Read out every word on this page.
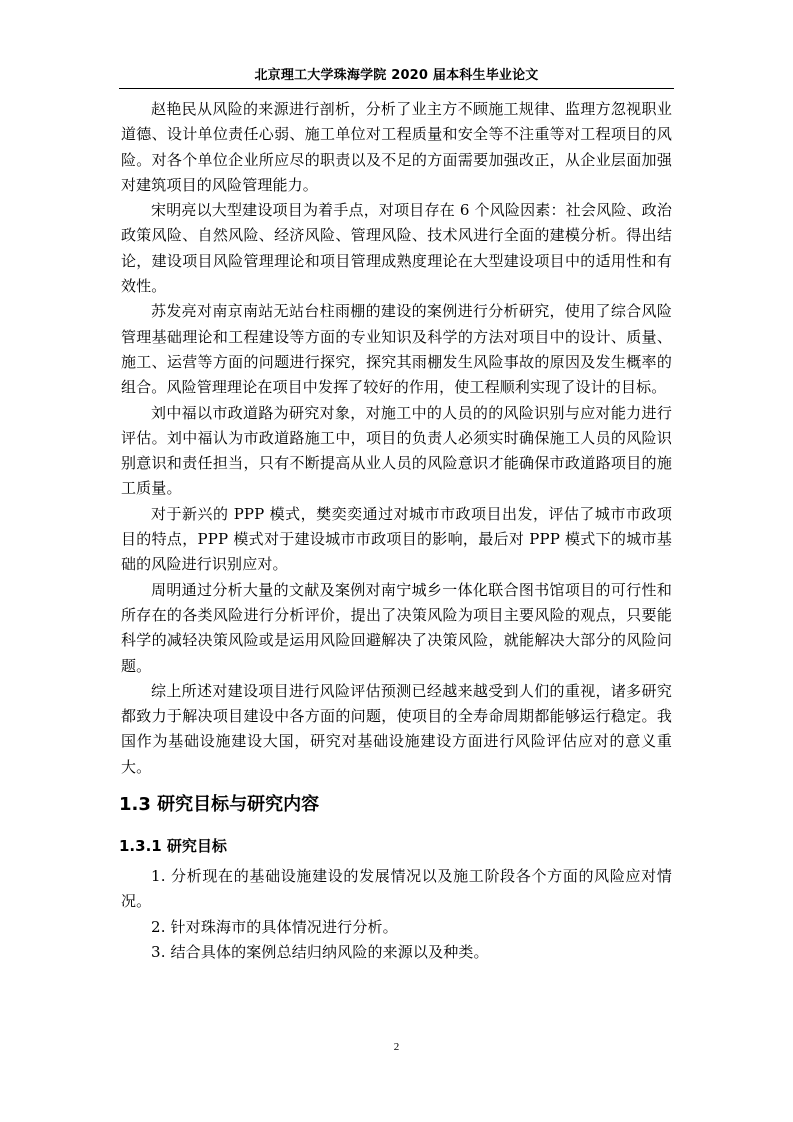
北京理工大学珠海学院 2020 届本科生毕业论文

赵艳民从风险的来源进行剖析，分析了业主方不顾施工规律、监理方忽视职业道德、设计单位责任心弱、施工单位对工程质量和安全等不注重等对工程项目的风险。对各个单位企业所应尽的职责以及不足的方面需要加强改正，从企业层面加强对建筑项目的风险管理能力。

宋明亮以大型建设项目为着手点，对项目存在 6 个风险因素：社会风险、政治政策风险、自然风险、经济风险、管理风险、技术风进行全面的建模分析。得出结论，建设项目风险管理理论和项目管理成熟度理论在大型建设项目中的适用性和有效性。

苏发亮对南京南站无站台柱雨棚的建设的案例进行分析研究，使用了综合风险管理基础理论和工程建设等方面的专业知识及科学的方法对项目中的设计、质量、施工、运营等方面的问题进行探究，探究其雨棚发生风险事故的原因及发生概率的组合。风险管理理论在项目中发挥了较好的作用，使工程顺利实现了设计的目标。

刘中福以市政道路为研究对象，对施工中的人员的的风险识别与应对能力进行评估。刘中福认为市政道路施工中，项目的负责人必须实时确保施工人员的风险识别意识和责任担当，只有不断提高从业人员的风险意识才能确保市政道路项目的施工质量。

对于新兴的 PPP 模式，樊奕奕通过对城市市政项目出发，评估了城市市政项目的特点，PPP 模式对于建设城市市政项目的影响，最后对 PPP 模式下的城市基础的风险进行识别应对。

周明通过分析大量的文献及案例对南宁城乡一体化联合图书馆项目的可行性和所存在的各类风险进行分析评价，提出了决策风险为项目主要风险的观点，只要能科学的减轻决策风险或是运用风险回避解决了决策风险，就能解决大部分的风险问题。

综上所述对建设项目进行风险评估预测已经越来越受到人们的重视，诸多研究都致力于解决项目建设中各方面的问题，使项目的全寿命周期都能够运行稳定。我国作为基础设施建设大国，研究对基础设施建设方面进行风险评估应对的意义重大。

1.3 研究目标与研究内容
1.3.1 研究目标

1. 分析现在的基础设施建设的发展情况以及施工阶段各个方面的风险应对情况。

2. 针对珠海市的具体情况进行分析。

3. 结合具体的案例总结归纳风险的来源以及种类。

2
